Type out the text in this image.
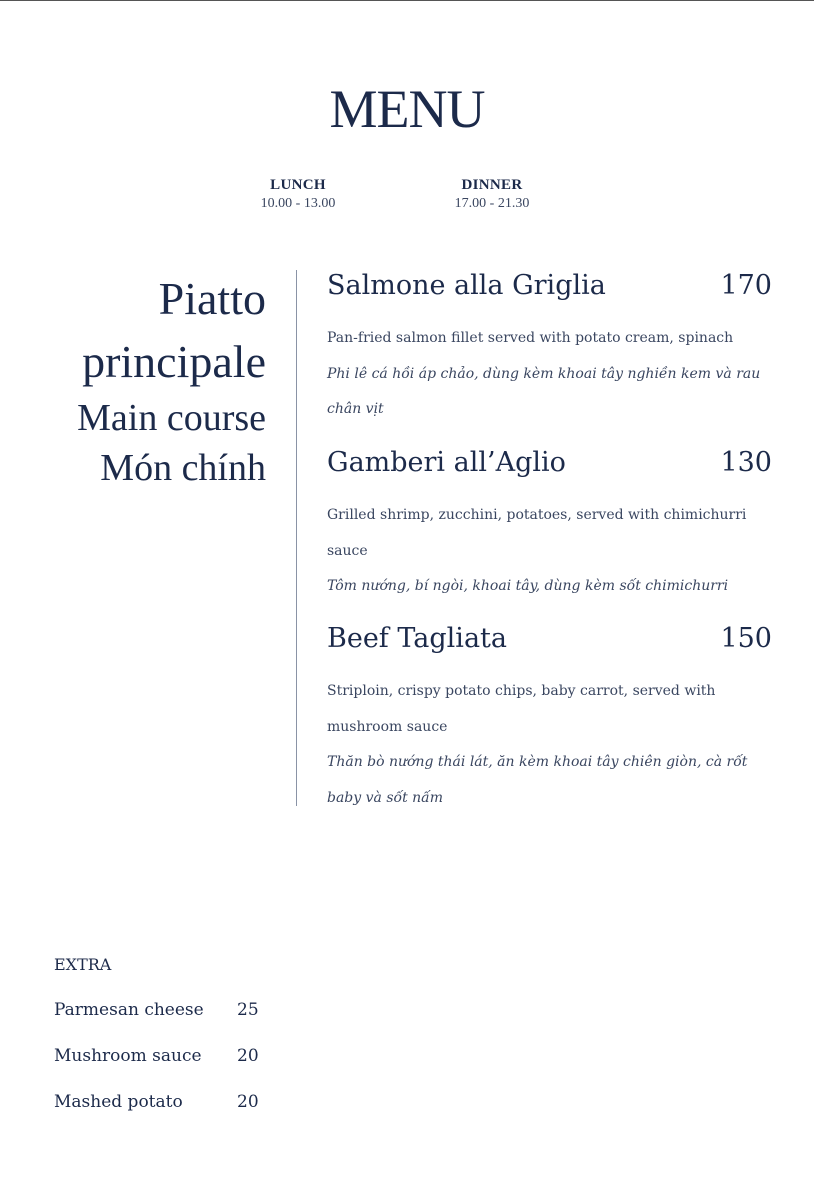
MENU
LUNCH
10.00 - 13.00
DINNER
17.00 - 21.30
Piatto
principale
Main course
Món chính
Salmone alla Griglia	170
Pan-fried salmon fillet served with potato cream, spinach
Phi lê cá hồi áp chảo, dùng kèm khoai tây nghiền kem và rau chân vịt
Gamberi all’Aglio	130
Grilled shrimp, zucchini, potatoes, served with chimichurri sauce
Tôm nướng, bí ngòi, khoai tây, dùng kèm sốt chimichurri
Beef Tagliata	150
Striploin, crispy potato chips, baby carrot, served with mushroom sauce
Thăn bò nướng thái lát, ăn kèm khoai tây chiên giòn, cà rốt baby và sốt nấm
EXTRA
Parmesan cheese 25
Mushroom sauce 20
Mashed potato	20
